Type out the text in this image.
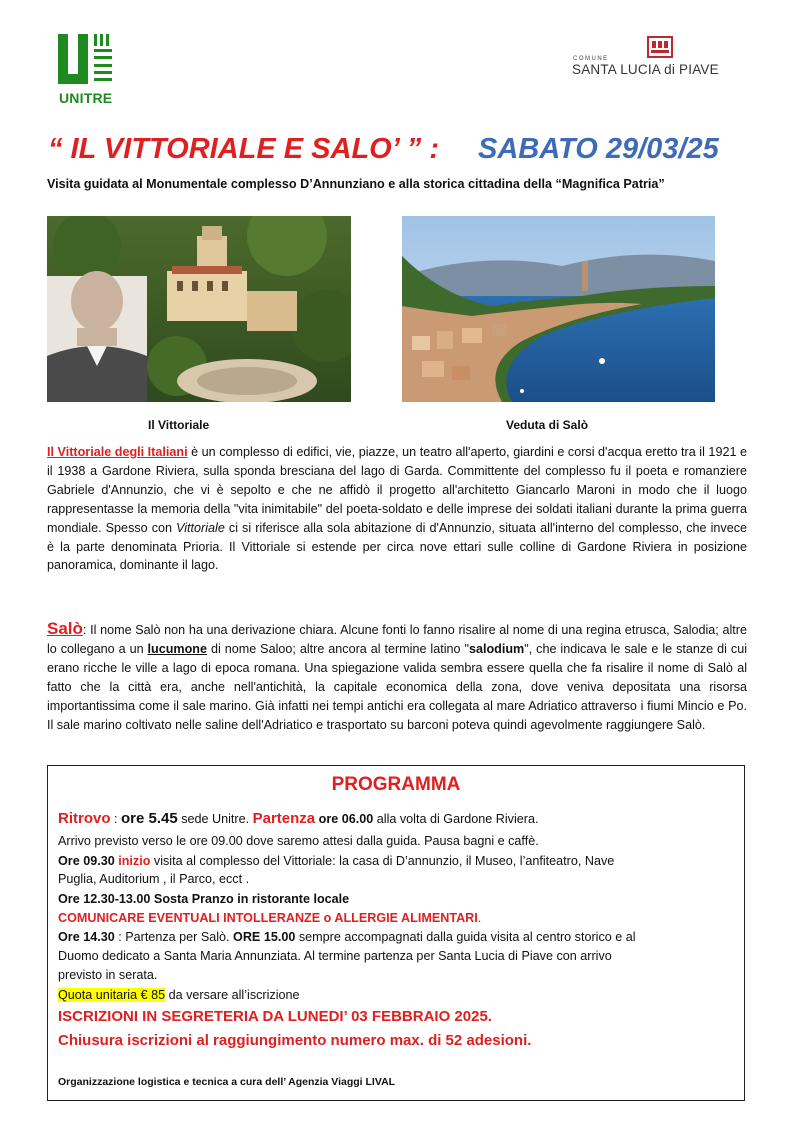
UNITRE
COMUNE
SANTA LUCIA di PIAVE
“ IL VITTORIALE E SALO’ ” : SABATO 29/03/25
Visita guidata al Monumentale complesso D’Annunziano e alla storica cittadina della “Magnifica Patria”
Il Vittoriale	Veduta di Salò
Il Vittoriale degli Italiani è un complesso di edifici, vie, piazze, un teatro all'aperto, giardini e corsi d'acqua eretto tra il 1921 e il 1938 a Gardone Riviera, sulla sponda bresciana del lago di Garda. Committente del complesso fu il poeta e romanziere Gabriele d'Annunzio, che vi è sepolto e che ne affidò il progetto all'architetto Giancarlo Maroni in modo che il luogo rappresentasse la memoria della "vita inimitabile" del poeta-soldato e delle imprese dei soldati italiani durante la prima guerra mondiale. Spesso con Vittoriale ci si riferisce alla sola abitazione di d'Annunzio, situata all'interno del complesso, che invece è la parte denominata Prioria. Il Vittoriale si estende per circa nove ettari sulle colline di Gardone Riviera in posizione panoramica, dominante il lago.
Salò: Il nome Salò non ha una derivazione chiara. Alcune fonti lo fanno risalire al nome di una regina etrusca, Salodia; altre lo collegano a un lucumone di nome Saloo; altre ancora al termine latino "salodium", che indicava le sale e le stanze di cui erano ricche le ville a lago di epoca romana. Una spiegazione valida sembra essere quella che fa risalire il nome di Salò al fatto che la città era, anche nell'antichità, la capitale economica della zona, dove veniva depositata una risorsa importantissima come il sale marino. Già infatti nei tempi antichi era collegata al mare Adriatico attraverso i fiumi Mincio e Po. Il sale marino coltivato nelle saline dell'Adriatico e trasportato su barconi poteva quindi agevolmente raggiungere Salò.
PROGRAMMA
Ritrovo : ore 5.45 sede Unitre. Partenza ore 06.00 alla volta di Gardone Riviera.
Arrivo previsto verso le ore 09.00 dove saremo attesi dalla guida. Pausa bagni e caffè.
Ore 09.30 inizio visita al complesso del Vittoriale: la casa di D’annunzio, il Museo, l’anfiteatro, Nave
Puglia, Auditorium , il Parco, ecct .
Ore 12.30-13.00 Sosta Pranzo in ristorante locale
COMUNICARE EVENTUALI INTOLLERANZE o ALLERGIE ALIMENTARI.
Ore 14.30 : Partenza per Salò. ORE 15.00 sempre accompagnati dalla guida visita al centro storico e al
Duomo dedicato a Santa Maria Annunziata. Al termine partenza per Santa Lucia di Piave con arrivo
previsto in serata.
Quota unitaria € 85 da versare all’iscrizione
ISCRIZIONI IN SEGRETERIA DA LUNEDI’ 03 FEBBRAIO 2025.
Chiusura iscrizioni al raggiungimento numero max. di 52 adesioni.
Organizzazione logistica e tecnica a cura dell’ Agenzia Viaggi LIVAL
